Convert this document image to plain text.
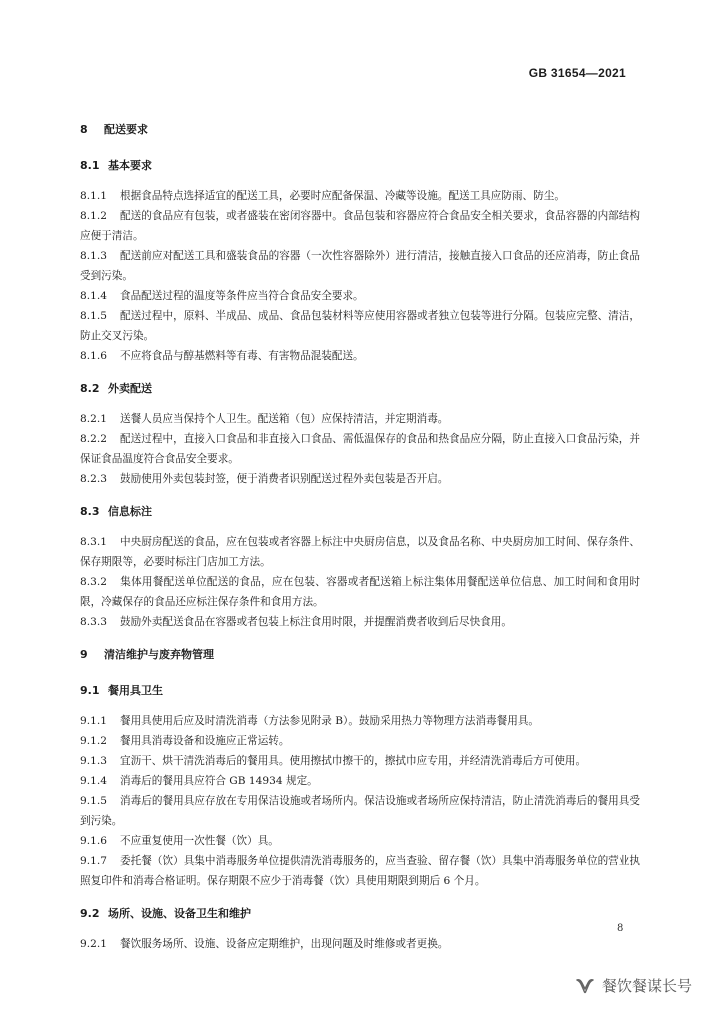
GB 31654—2021
8 配送要求
8.1 基本要求

8.1.1 根据食品特点选择适宜的配送工具，必要时应配备保温、冷藏等设施。配送工具应防雨、防尘。

8.1.2 配送的食品应有包装，或者盛装在密闭容器中。食品包装和容器应符合食品安全相关要求，食品容器的内部结构应便于清洁。

8.1.3 配送前应对配送工具和盛装食品的容器（一次性容器除外）进行清洁，接触直接入口食品的还应消毒，防止食品受到污染。

8.1.4 食品配送过程的温度等条件应当符合食品安全要求。

8.1.5 配送过程中，原料、半成品、成品、食品包装材料等应使用容器或者独立包装等进行分隔。包装应完整、清洁，防止交叉污染。

8.1.6 不应将食品与醇基燃料等有毒、有害物品混装配送。

8.2 外卖配送

8.2.1 送餐人员应当保持个人卫生。配送箱（包）应保持清洁，并定期消毒。

8.2.2 配送过程中，直接入口食品和非直接入口食品、需低温保存的食品和热食品应分隔，防止直接入口食品污染，并保证食品温度符合食品安全要求。

8.2.3 鼓励使用外卖包装封签，便于消费者识别配送过程外卖包装是否开启。

8.3 信息标注

8.3.1 中央厨房配送的食品，应在包装或者容器上标注中央厨房信息，以及食品名称、中央厨房加工时间、保存条件、保存期限等，必要时标注门店加工方法。

8.3.2 集体用餐配送单位配送的食品，应在包装、容器或者配送箱上标注集体用餐配送单位信息、加工时间和食用时限，冷藏保存的食品还应标注保存条件和食用方法。

8.3.3 鼓励外卖配送食品在容器或者包装上标注食用时限，并提醒消费者收到后尽快食用。

9 清洁维护与废弃物管理
9.1 餐用具卫生

9.1.1 餐用具使用后应及时清洗消毒（方法参见附录 B）。鼓励采用热力等物理方法消毒餐用具。

9.1.2 餐用具消毒设备和设施应正常运转。

9.1.3 宜沥干、烘干清洗消毒后的餐用具。使用擦拭巾擦干的，擦拭巾应专用，并经清洗消毒后方可使用。

9.1.4 消毒后的餐用具应符合 GB 14934 规定。

9.1.5 消毒后的餐用具应存放在专用保洁设施或者场所内。保洁设施或者场所应保持清洁，防止清洗消毒后的餐用具受到污染。

9.1.6 不应重复使用一次性餐（饮）具。

9.1.7 委托餐（饮）具集中消毒服务单位提供清洗消毒服务的，应当查验、留存餐（饮）具集中消毒服务单位的营业执照复印件和消毒合格证明。保存期限不应少于消毒餐（饮）具使用期限到期后 6 个月。

9.2 场所、设施、设备卫生和维护

9.2.1 餐饮服务场所、设施、设备应定期维护，出现问题及时维修或者更换。

8
餐饮餐谋长号
